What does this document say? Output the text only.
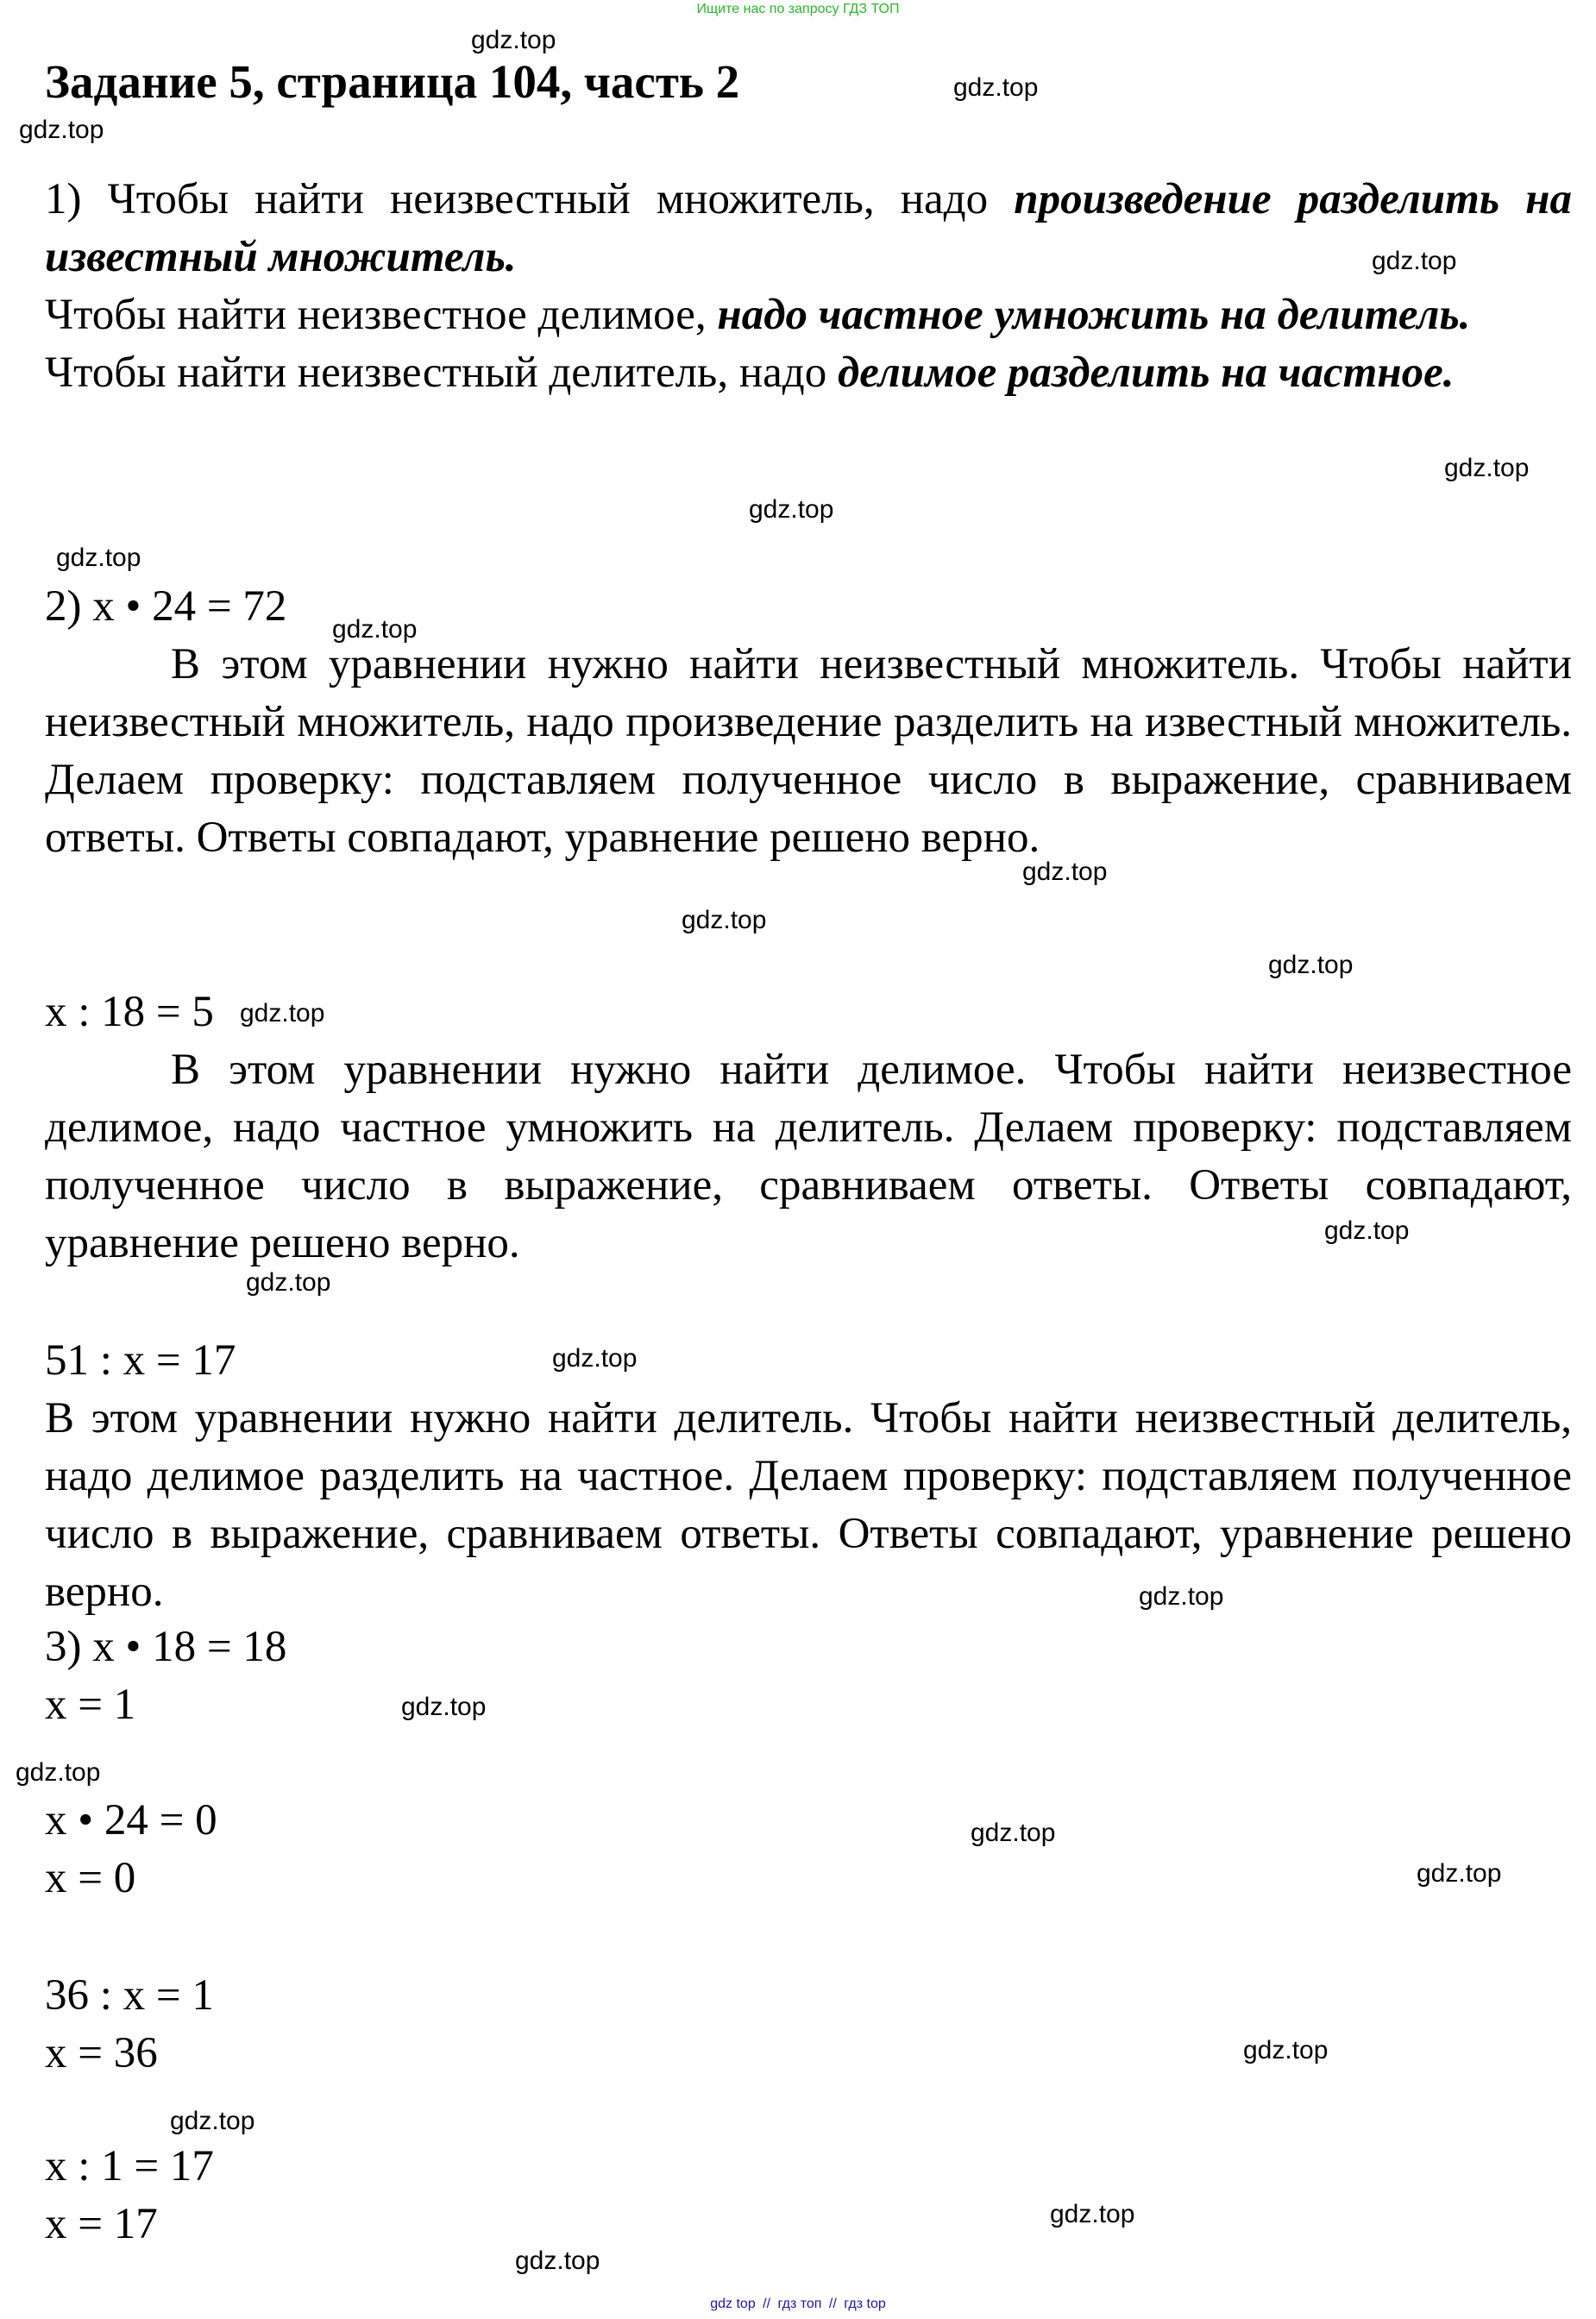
Ищите нас по запросу ГДЗ ТОП
Задание 5, страница 104, часть 2

1) Чтобы найти неизвестный множитель, надо произведение разделить на известный множитель.

Чтобы найти неизвестное делимое, надо частное умножить на делитель.

Чтобы найти неизвестный делитель, надо делимое разделить на частное.

2) x • 24 = 72

В этом уравнении нужно найти неизвестный множитель. Чтобы найти неизвестный множитель, надо произведение разделить на известный множитель. Делаем проверку: подставляем полученное число в выражение, сравниваем ответы. Ответы совпадают, уравнение решено верно.

x : 18 = 5

В этом уравнении нужно найти делимое. Чтобы найти неизвестное делимое, надо частное умножить на делитель. Делаем проверку: подставляем полученное число в выражение, сравниваем ответы. Ответы совпадают, уравнение решено верно.

51 : x = 17

В этом уравнении нужно найти делитель. Чтобы найти неизвестный делитель, надо делимое разделить на частное. Делаем проверку: подставляем полученное число в выражение, сравниваем ответы. Ответы совпадают, уравнение решено верно.

3) x • 18 = 18

x = 1

x • 24 = 0

x = 0

36 : x = 1

x = 36

x : 1 = 17

x = 17

gdz.top
gdz.top
gdz.top
gdz.top
gdz.top
gdz.top
gdz.top
gdz.top
gdz.top
gdz.top
gdz.top
gdz.top
gdz.top
gdz.top
gdz.top
gdz.top
gdz.top
gdz.top
gdz.top
gdz.top
gdz.top
gdz.top
gdz.top
gdz.top
gdz top // гдз топ // гдз top
